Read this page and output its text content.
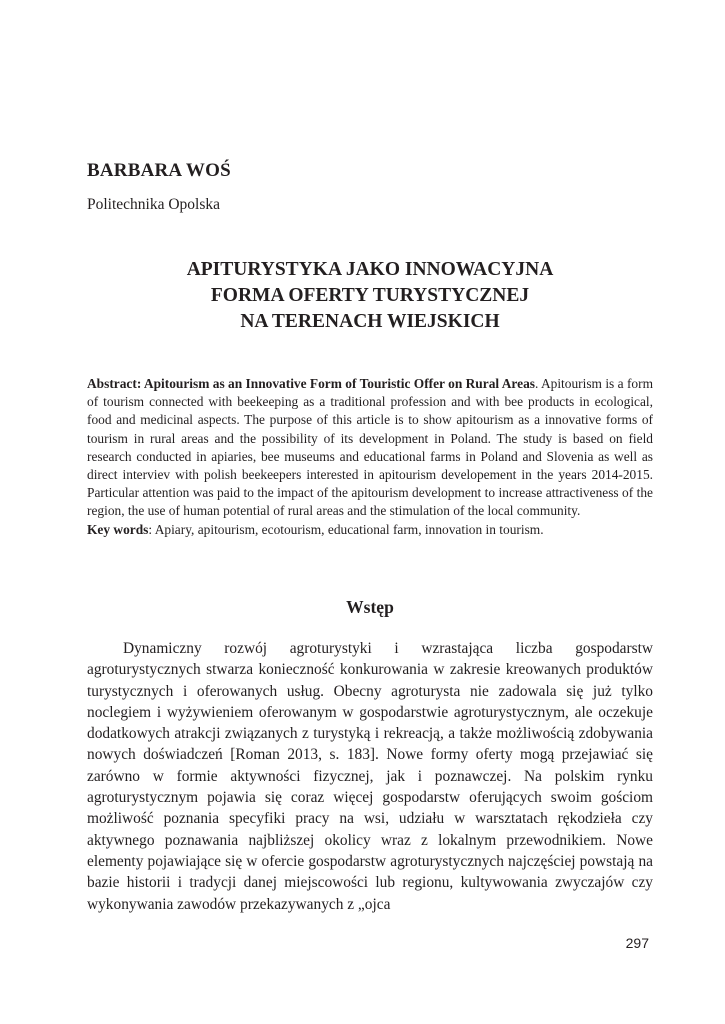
BARBARA WOŚ
Politechnika Opolska
APITURYSTYKA JAKO INNOWACYJNA
FORMA OFERTY TURYSTYCZNEJ
NA TERENACH WIEJSKICH

Abstract: Apitourism as an Innovative Form of Touristic Offer on Rural Areas. Apitourism is a form of tourism connected with beekeeping as a traditional profession and with bee products in ecological, food and medicinal aspects. The purpose of this article is to show apitourism as a innovative forms of tourism in rural areas and the possibility of its development in Poland. The study is based on field research conducted in apiaries, bee museums and educational farms in Poland and Slovenia as well as direct interviev with polish beekeepers interested in apitourism developement in the years 2014-2015. Particular attention was paid to the impact of the apitourism development to increase attractiveness of the region, the use of human potential of rural areas and the stimulation of the local community.

Key words: Apiary, apitourism, ecotourism, educational farm, innovation in tourism.

Wstęp

Dynamiczny rozwój agroturystyki i wzrastająca liczba gospodarstw agroturystycznych stwarza konieczność konkurowania w zakresie kreowanych produktów turystycznych i oferowanych usług. Obecny agroturysta nie zadowala się już tylko noclegiem i wyżywieniem oferowanym w gospodarstwie agroturystycznym, ale oczekuje dodatkowych atrakcji związanych z turystyką i rekreacją, a także możliwością zdobywania nowych doświadczeń [Roman 2013, s. 183]. Nowe formy oferty mogą przejawiać się zarówno w formie aktywności fizycznej, jak i poznawczej. Na polskim rynku agroturystycznym pojawia się coraz więcej gospodarstw oferujących swoim gościom możliwość poznania specyfiki pracy na wsi, udziału w warsztatach rękodzieła czy aktywnego poznawania najbliższej okolicy wraz z lokalnym przewodnikiem. Nowe elementy pojawiające się w ofercie gospodarstw agroturystycznych najczęściej powstają na bazie historii i tradycji danej miejscowości lub regionu, kultywowania zwyczajów czy wykonywania zawodów przekazywanych z „ojca

297
